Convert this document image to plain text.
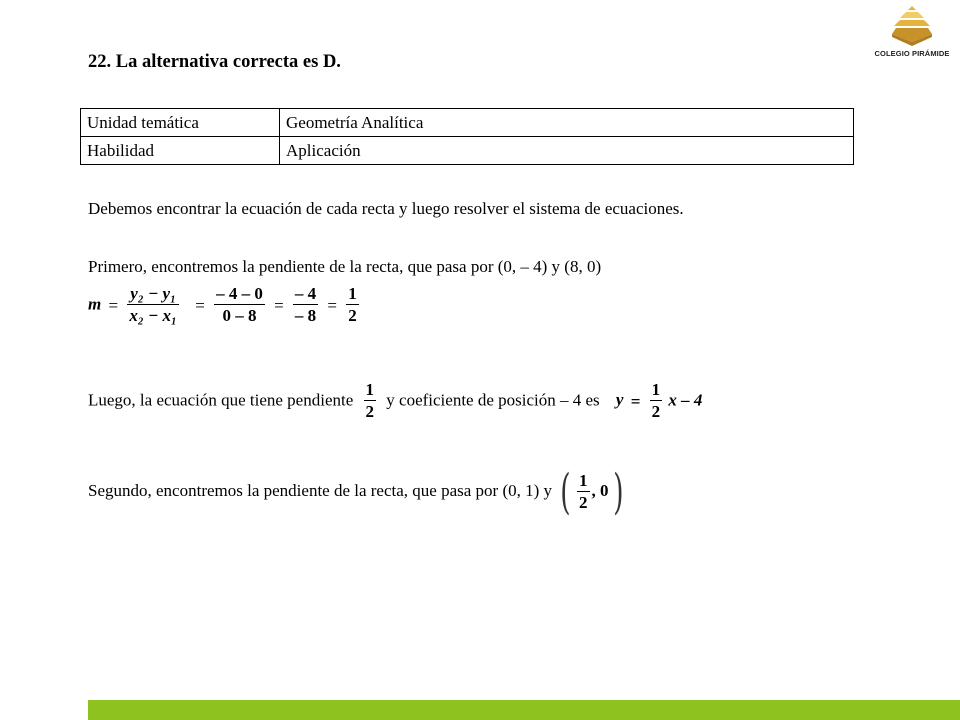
COLEGIO PIRÁMIDE
22. La alternativa correcta es D.
Unidad temática	Geometría Analítica
Habilidad	Aplicación
Debemos encontrar la ecuación de cada recta y luego resolver el sistema de ecuaciones.
Primero, encontremos la pendiente de la recta, que pasa por (0, – 4) y (8, 0)
$m = \frac{\text{y₂ − y₁}}{\text{x₂ − x₁}} = \frac{- 4 - 0}{0 - 8} = \frac{- 4}{- 8} = \frac{1}{2}$
Luego, la ecuación que tiene pendiente $\frac{1}{2}$ y coeficiente de posición – 4 es $y = \frac{1}{2}$ x – 4
Segundo, encontremos la pendiente de la recta, que pasa por (0, 1) y ( $\frac{1}{2}$ , 0)
